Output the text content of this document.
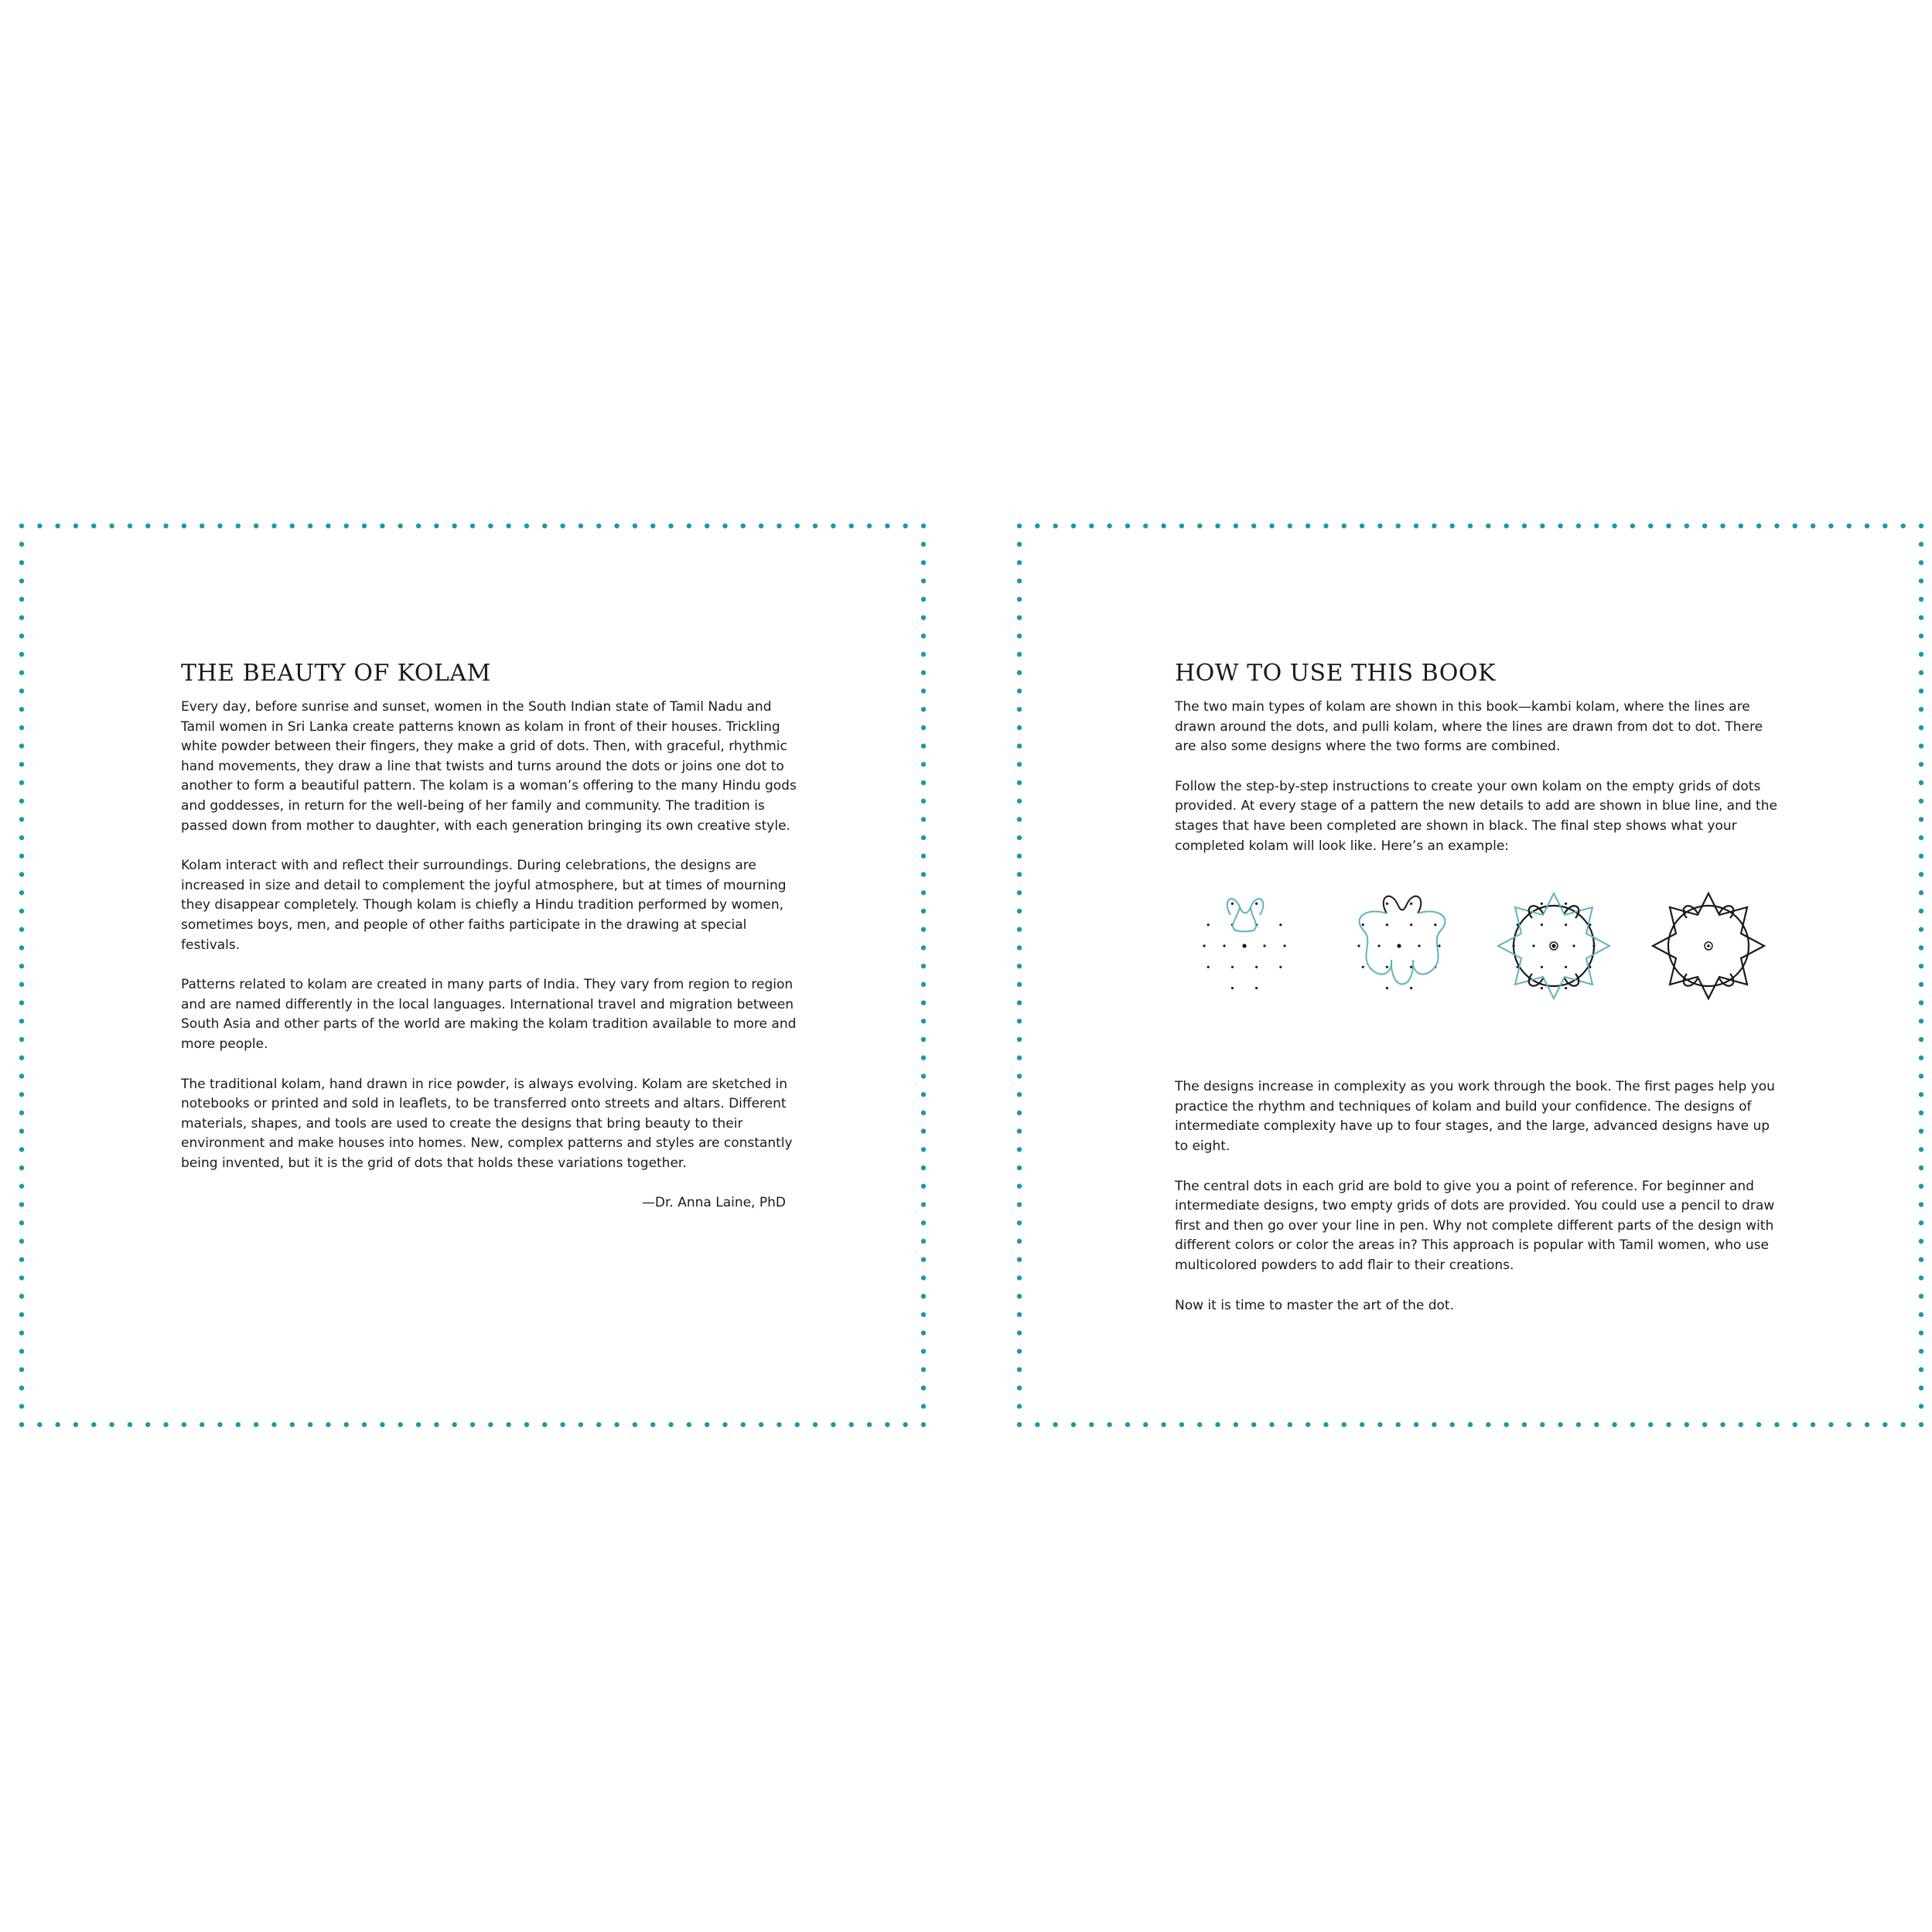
THE BEAUTY OF KOLAM

Every day, before sunrise and sunset, women in the South Indian state of Tamil Nadu and Tamil women in Sri Lanka create patterns known as kolam in front of their houses. Trickling white powder between their fingers, they make a grid of dots. Then, with graceful, rhythmic hand movements, they draw a line that twists and turns around the dots or joins one dot to another to form a beautiful pattern. The kolam is a woman’s offering to the many Hindu gods and goddesses, in return for the well-being of her family and community. The tradition is passed down from mother to daughter, with each generation bringing its own creative style.

Kolam interact with and reflect their surroundings. During celebrations, the designs are increased in size and detail to complement the joyful atmosphere, but at times of mourning they disappear completely. Though kolam is chiefly a Hindu tradition performed by women, sometimes boys, men, and people of other faiths participate in the drawing at special festivals.

Patterns related to kolam are created in many parts of India. They vary from region to region and are named differently in the local languages. International travel and migration between South Asia and other parts of the world are making the kolam tradition available to more and more people.

The traditional kolam, hand drawn in rice powder, is always evolving. Kolam are sketched in notebooks or printed and sold in leaflets, to be transferred onto streets and altars. Different materials, shapes, and tools are used to create the designs that bring beauty to their environment and make houses into homes. New, complex patterns and styles are constantly being invented, but it is the grid of dots that holds these variations together.

—Dr. Anna Laine, PhD

HOW TO USE THIS BOOK

The two main types of kolam are shown in this book—kambi kolam, where the lines are drawn around the dots, and pulli kolam, where the lines are drawn from dot to dot. There are also some designs where the two forms are combined.

Follow the step-by-step instructions to create your own kolam on the empty grids of dots provided. At every stage of a pattern the new details to add are shown in blue line, and the stages that have been completed are shown in black. The final step shows what your completed kolam will look like. Here’s an example:

The designs increase in complexity as you work through the book. The first pages help you practice the rhythm and techniques of kolam and build your confidence. The designs of intermediate complexity have up to four stages, and the large, advanced designs have up to eight.

The central dots in each grid are bold to give you a point of reference. For beginner and intermediate designs, two empty grids of dots are provided. You could use a pencil to draw first and then go over your line in pen. Why not complete different parts of the design with different colors or color the areas in? This approach is popular with Tamil women, who use multicolored powders to add flair to their creations.

Now it is time to master the art of the dot.
